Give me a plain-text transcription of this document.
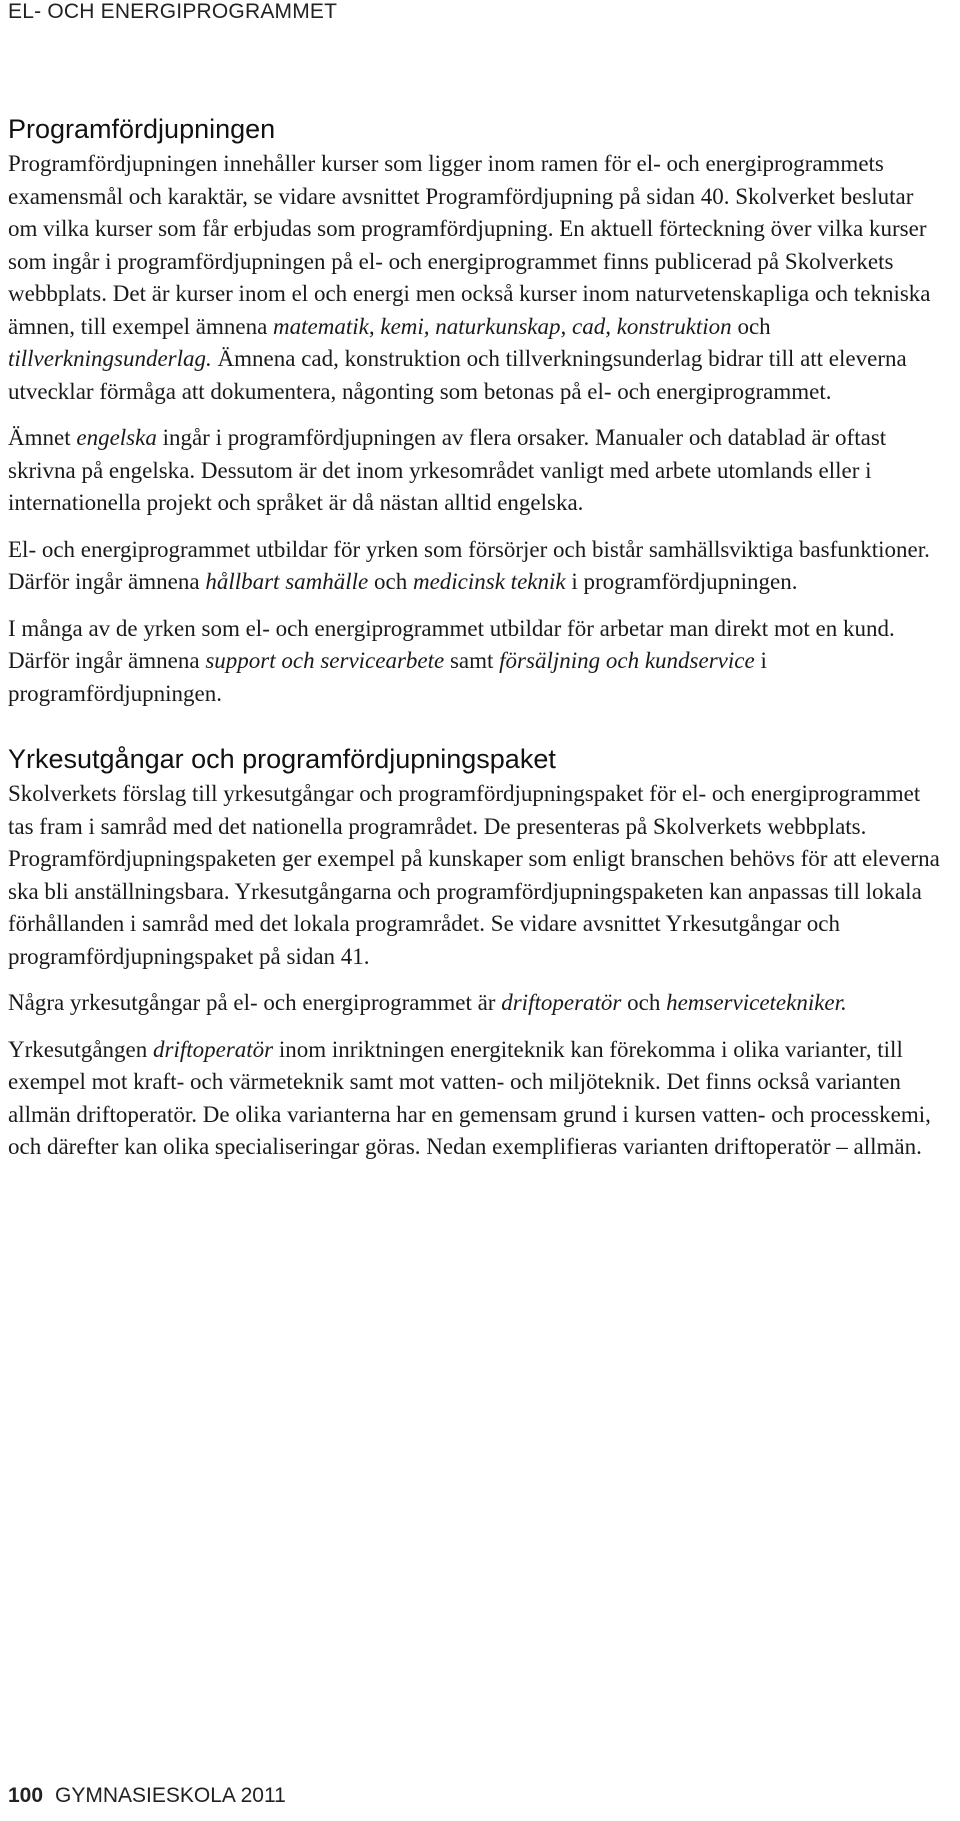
EL- OCH ENERGIPROGRAMMET
Programfördjupningen

Programfördjupningen innehåller kurser som ligger inom ramen för el- och energiprogrammets examensmål och karaktär, se vidare avsnittet Programfördjupning på sidan 40. Skolverket beslutar om vilka kurser som får erbjudas som programfördjupning. En aktuell förteckning över vilka kurser som ingår i programfördjupningen på el- och energiprogrammet finns publicerad på Skolverkets webbplats. Det är kurser inom el och energi men också kurser inom naturvetenskapliga och tekniska ämnen, till exempel ämnena matematik, kemi, naturkunskap, cad, konstruktion och tillverkningsunderlag. Ämnena cad, konstruktion och tillverkningsunderlag bidrar till att eleverna utvecklar förmåga att dokumentera, någonting som betonas på el- och energiprogrammet.

Ämnet engelska ingår i programfördjupningen av flera orsaker. Manualer och datablad är oftast skrivna på engelska. Dessutom är det inom yrkesområdet vanligt med arbete utomlands eller i internationella projekt och språket är då nästan alltid engelska.

El- och energiprogrammet utbildar för yrken som försörjer och bistår samhällsviktiga basfunktioner. Därför ingår ämnena hållbart samhälle och medicinsk teknik i programfördjupningen.

I många av de yrken som el- och energiprogrammet utbildar för arbetar man direkt mot en kund. Därför ingår ämnena support och servicearbete samt försäljning och kundservice i programfördjupningen.

Yrkesutgångar och programfördjupningspaket

Skolverkets förslag till yrkesutgångar och programfördjupningspaket för el- och energiprogrammet tas fram i samråd med det nationella programrådet. De presenteras på Skolverkets webbplats. Programfördjupningspaketen ger exempel på kunskaper som enligt branschen behövs för att eleverna ska bli anställningsbara. Yrkesutgångarna och programfördjupningspaketen kan anpassas till lokala förhållanden i samråd med det lokala programrådet. Se vidare avsnittet Yrkesutgångar och programfördjupningspaket på sidan 41.

Några yrkesutgångar på el- och energiprogrammet är driftoperatör och hemservicetekniker.

Yrkesutgången driftoperatör inom inriktningen energiteknik kan förekomma i olika varianter, till exempel mot kraft- och värmeteknik samt mot vatten- och miljöteknik. Det finns också varianten allmän driftoperatör. De olika varianterna har en gemensam grund i kursen vatten- och processkemi, och därefter kan olika specialiseringar göras. Nedan exemplifieras varianten driftoperatör – allmän.

100 GYMNASIESKOLA 2011
